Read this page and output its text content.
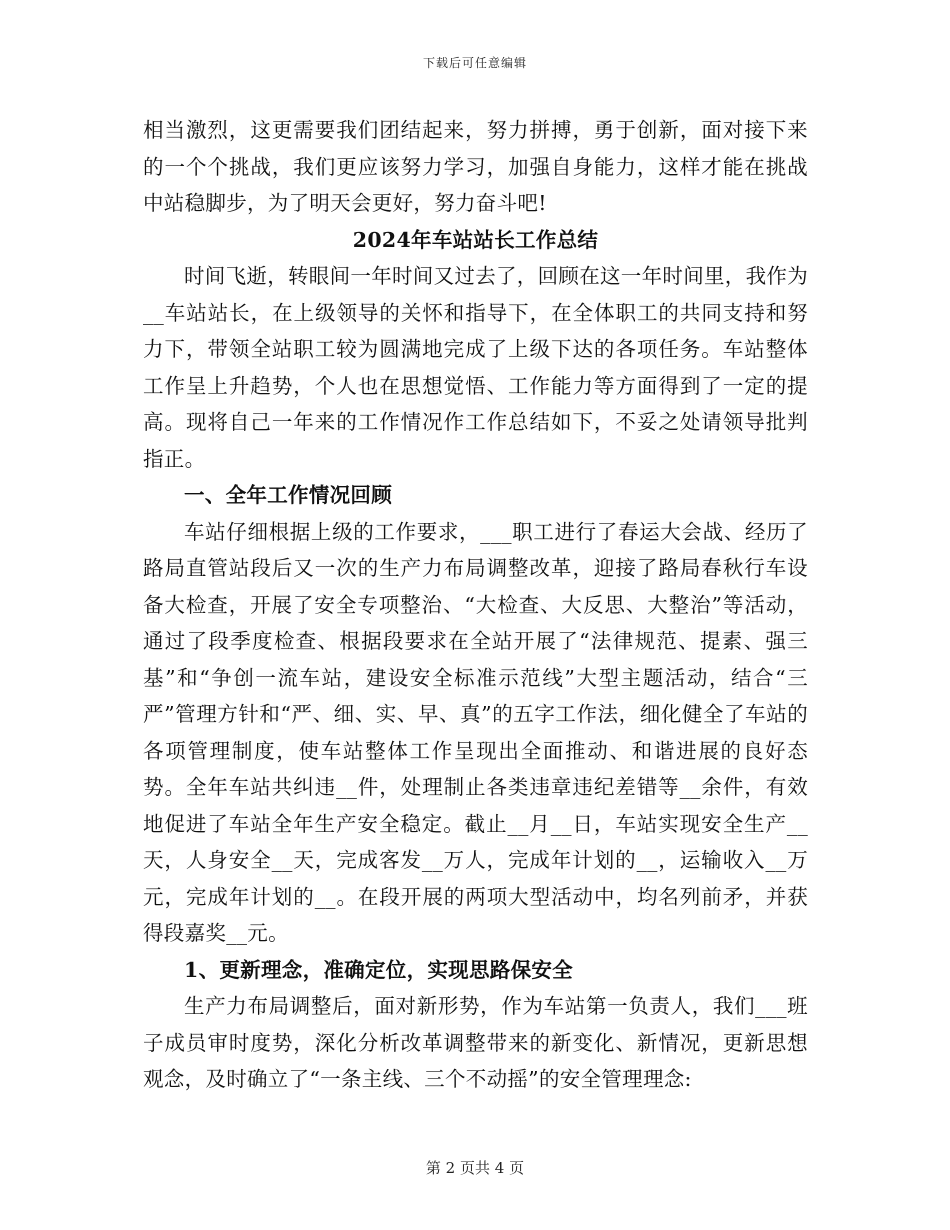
下载后可任意编辑

相当激烈，这更需要我们团结起来，努力拼搏，勇于创新，面对接下来的一个个挑战，我们更应该努力学习，加强自身能力，这样才能在挑战中站稳脚步，为了明天会更好，努力奋斗吧!

2024年车站站长工作总结

时间飞逝，转眼间一年时间又过去了，回顾在这一年时间里，我作为__车站站长，在上级领导的关怀和指导下，在全体职工的共同支持和努力下，带领全站职工较为圆满地完成了上级下达的各项任务。车站整体工作呈上升趋势，个人也在思想觉悟、工作能力等方面得到了一定的提高。现将自己一年来的工作情况作工作总结如下，不妥之处请领导批判指正。

一、全年工作情况回顾

车站仔细根据上级的工作要求，___职工进行了春运大会战、经历了路局直管站段后又一次的生产力布局调整改革，迎接了路局春秋行车设备大检查，开展了安全专项整治、“大检查、大反思、大整治”等活动，通过了段季度检查、根据段要求在全站开展了“法律规范、提素、强三基”和“争创一流车站，建设安全标准示范线”大型主题活动，结合“三严”管理方针和“严、细、实、早、真”的五字工作法，细化健全了车站的各项管理制度，使车站整体工作呈现出全面推动、和谐进展的良好态势。全年车站共纠违__件，处理制止各类违章违纪差错等__余件，有效地促进了车站全年生产安全稳定。截止__月__日，车站实现安全生产__天，人身安全__天，完成客发__万人，完成年计划的__，运输收入__万元，完成年计划的__。在段开展的两项大型活动中，均名列前矛，并获得段嘉奖__元。

1、更新理念，准确定位，实现思路保安全

生产力布局调整后，面对新形势，作为车站第一负责人，我们___班子成员审时度势，深化分析改革调整带来的新变化、新情况，更新思想观念，及时确立了“一条主线、三个不动摇”的安全管理理念:

第 2 页共 4 页
